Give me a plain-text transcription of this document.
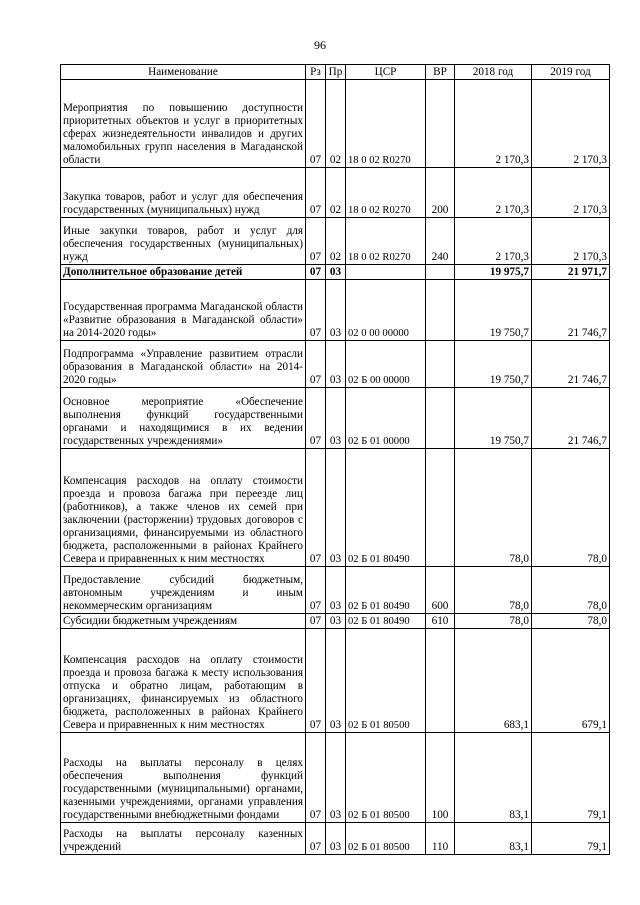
96
Наименование	Рз	Пр	ЦСР	ВР	2018 год	2019 год
Мероприятия по повышению доступности приоритетных объектов и услуг в приоритетных сферах жизнедеятельности инвалидов и других маломобильных групп населения в Магаданской области	07	02	18 0 02 R0270		2 170,3	2 170,3
Закупка товаров, работ и услуг для обеспечения государственных (муниципальных) нужд	07	02	18 0 02 R0270	200	2 170,3	2 170,3
Иные закупки товаров, работ и услуг для обеспечения государственных (муниципальных) нужд	07	02	18 0 02 R0270	240	2 170,3	2 170,3
Дополнительное образование детей	07	03			19 975,7	21 971,7
Государственная программа Магаданской области «Развитие образования в Магаданской области» на 2014-2020 годы»	07	03	02 0 00 00000		19 750,7	21 746,7
Подпрограмма «Управление развитием отрасли образования в Магаданской области» на 2014-2020 годы»	07	03	02 Б 00 00000		19 750,7	21 746,7
Основное мероприятие «Обеспечение выполнения функций государственными органами и находящимися в их ведении государственных учреждениями»	07	03	02 Б 01 00000		19 750,7	21 746,7
Компенсация расходов на оплату стоимости проезда и провоза багажа при переезде лиц (работников), а также членов их семей при заключении (расторжении) трудовых договоров с организациями, финансируемыми из областного бюджета, расположенными в районах Крайнего Севера и приравненных к ним местностях	07	03	02 Б 01 80490		78,0	78,0
Предоставление субсидий бюджетным, автономным учреждениям и иным некоммерческим организациям	07	03	02 Б 01 80490	600	78,0	78,0
Субсидии бюджетным учреждениям	07	03	02 Б 01 80490	610	78,0	78,0
Компенсация расходов на оплату стоимости проезда и провоза багажа к месту использования отпуска и обратно лицам, работающим в организациях, финансируемых из областного бюджета, расположенных в районах Крайнего Севера и приравненных к ним местностях	07	03	02 Б 01 80500		683,1	679,1
Расходы на выплаты персоналу в целях обеспечения выполнения функций государственными (муниципальными) органами, казенными учреждениями, органами управления государственными внебюджетными фондами	07	03	02 Б 01 80500	100	83,1	79,1
Расходы на выплаты персоналу казенных учреждений	07	03	02 Б 01 80500	110	83,1	79,1
